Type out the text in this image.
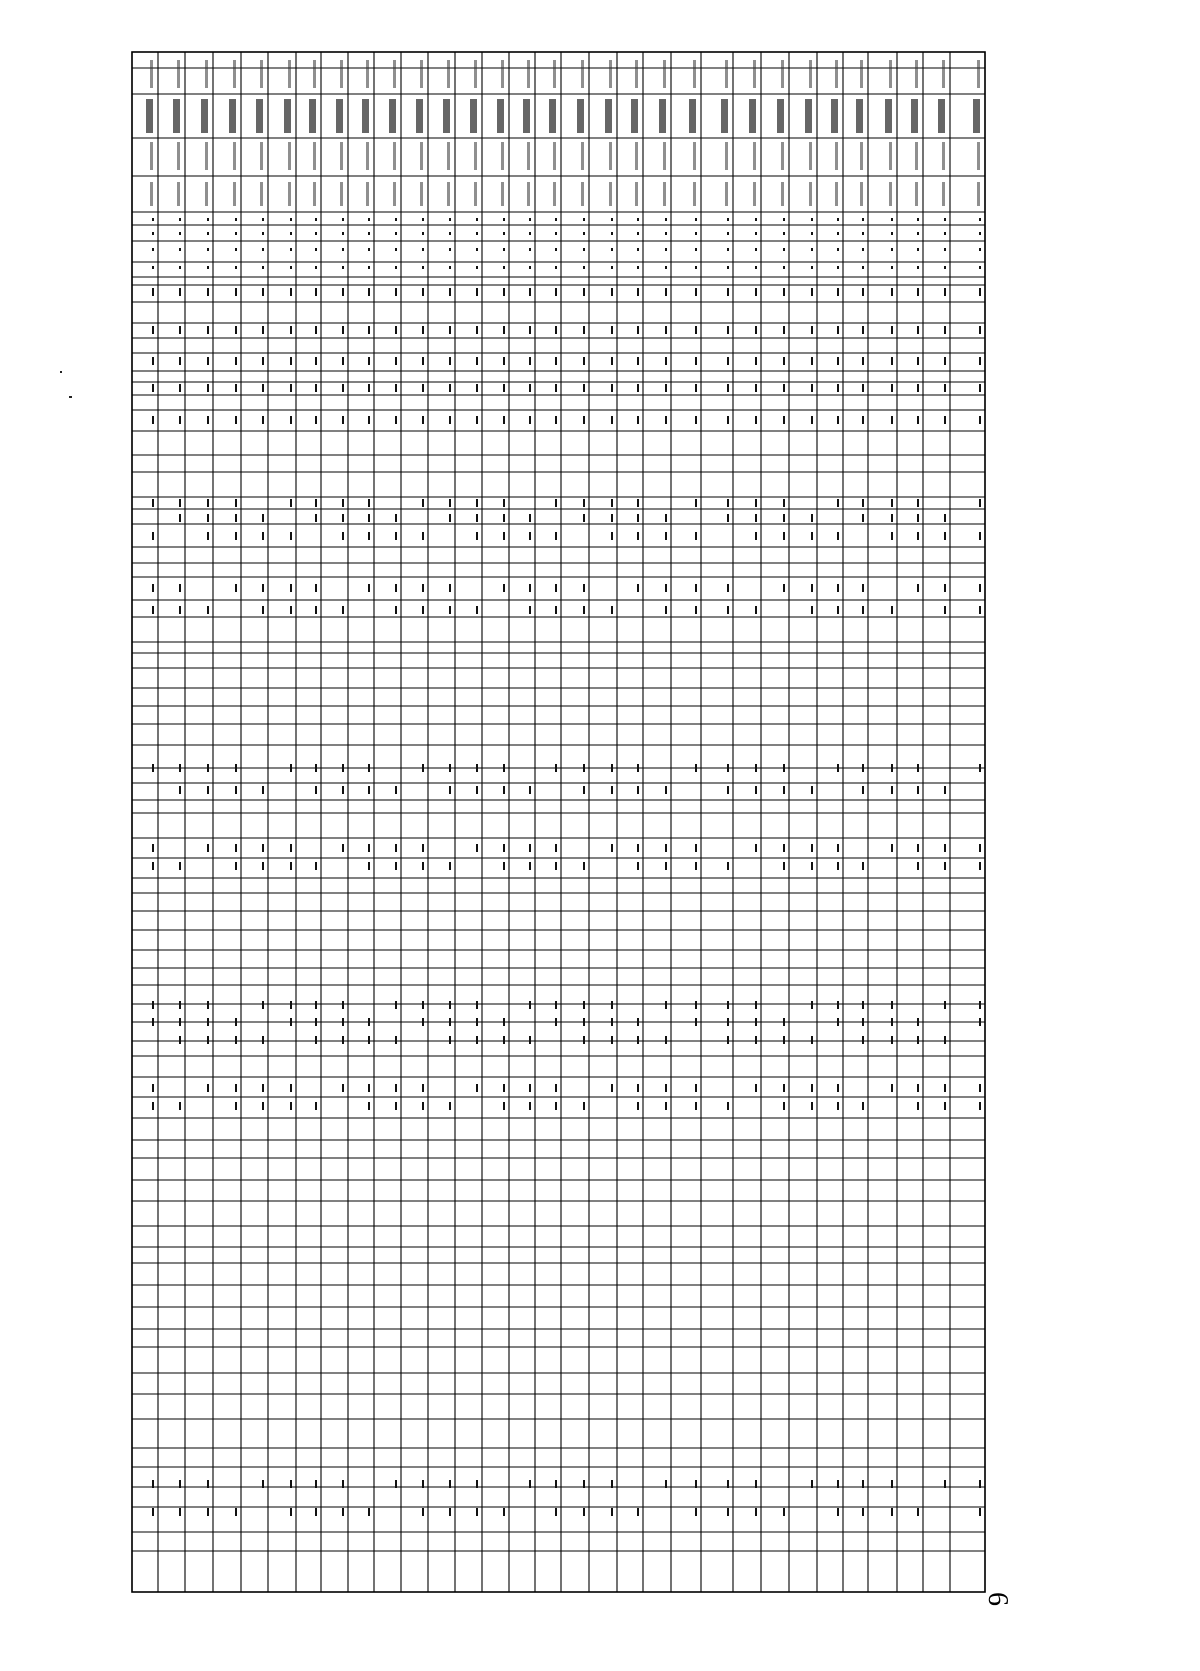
6
